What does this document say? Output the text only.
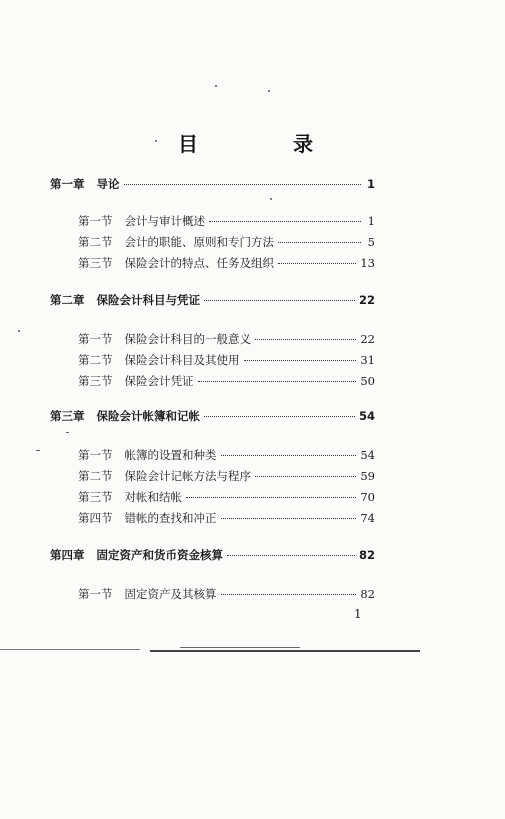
目 录
第一章 导论	1
第一节 会计与审计概述	1
第二节 会计的职能、原则和专门方法	5
第三节 保险会计的特点、任务及组织	13
第二章 保险会计科目与凭证	22
第一节 保险会计科目的一般意义	22
第二节 保险会计科目及其使用	31
第三节 保险会计凭证	50
第三章 保险会计帐簿和记帐	54
第一节 帐簿的设置和种类	54
第二节 保险会计记帐方法与程序	59
第三节 对帐和结帐	70
第四节 错帐的查找和冲正	74
第四章 固定资产和货币资金核算	82
第一节 固定资产及其核算	82
1
